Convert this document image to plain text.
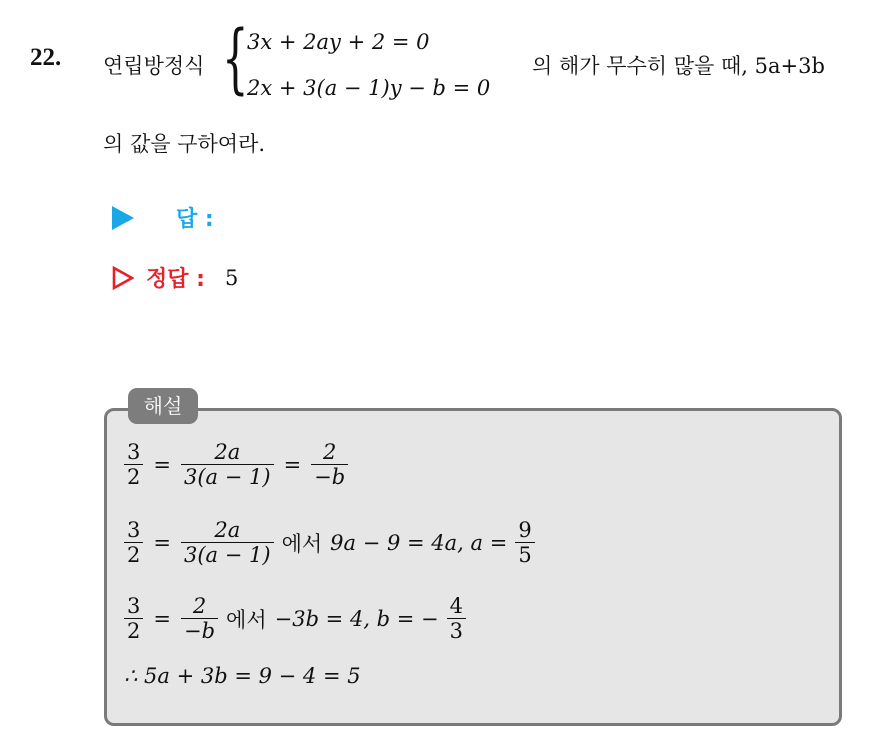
22. 연립방정식 {
3x + 2ay + 2 = 0
2x + 3(a − 1)y − b = 0
의 해가 무수히 많을 때, 5a+3b
의 값을 구하여라.
답 :
정답 : 5
해설
$\frac{3}{2} = \frac{2a}{3(a - 1)} = \frac{2}{-b}$
$\frac{3}{2} = \frac{2a}{3(a - 1)}$ 에서 9a − 9 = 4a, $a = \frac{9}{5}$
$\frac{3}{2} = \frac{2}{-b}$ 에서 −3b = 4, b = − $\frac{4}{3}$
∴ 5a + 3b = 9 − 4 = 5
